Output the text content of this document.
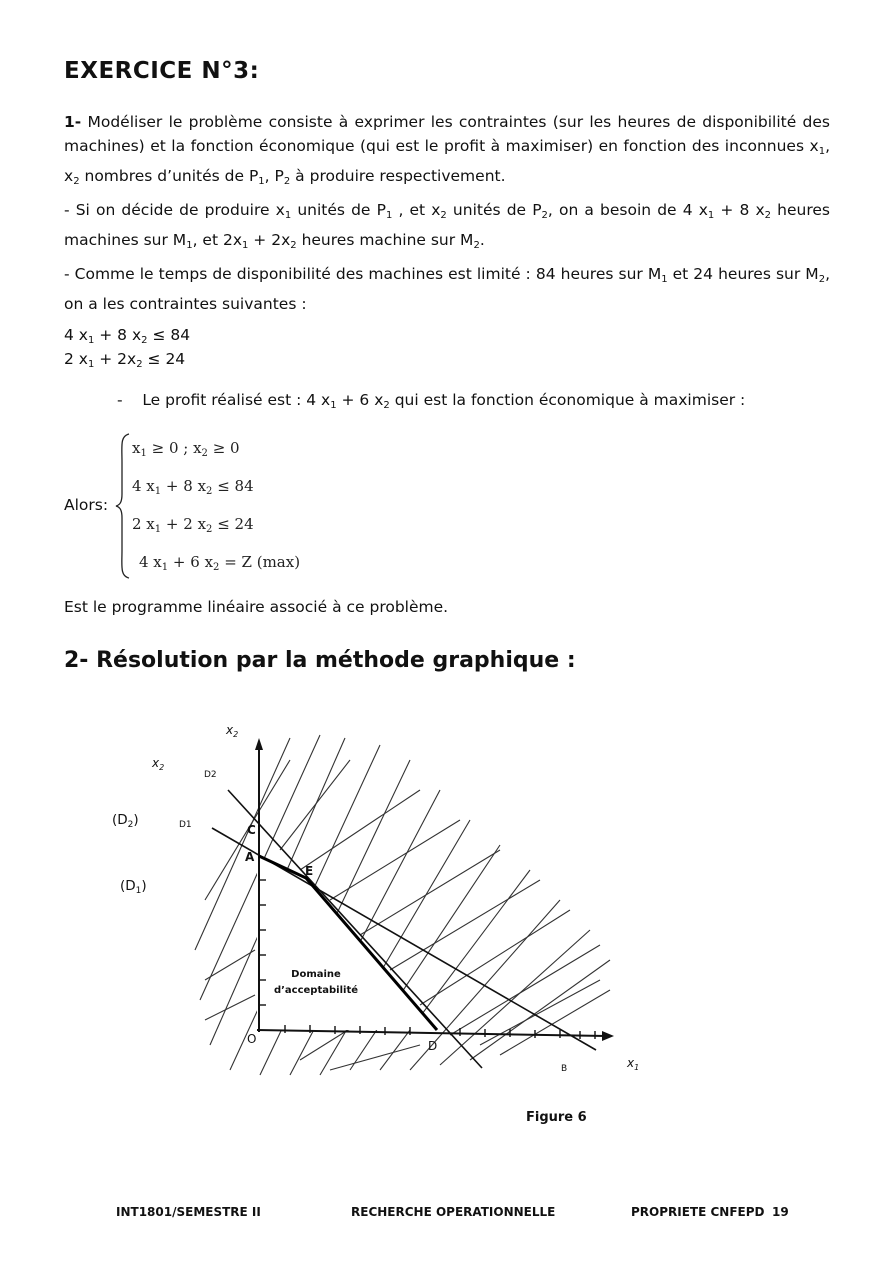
EXERCICE N°3:

1- Modéliser le problème consiste à exprimer les contraintes (sur les heures de disponibilité des machines) et la fonction économique (qui est le profit à maximiser) en fonction des inconnues $x_1$, $x_2$ nombres d’unités de $P_1$, $P_2$ à produire respectivement.

- Si on décide de produire $x_1$ unités de $P_1$ , et $x_2$ unités de $P_2$, on a besoin de 4 $x_1 + 8$ $x_2$ heures machines sur $M_1$, et $2x_1 + 2x_2$ heures machine sur $M_2$.

- Comme le temps de disponibilité des machines est limité : 84 heures sur $M_1$ et 24 heures sur $M_2$, on a les contraintes suivantes :

4 $x_1 + 8$ $x_2 \le 84$
2 $x_1 + 2x_2 \le 24$
- Le profit réalisé est : 4 $x_1 + 6$ $x_2$ qui est la fonction économique à maximiser :
Alors:
$x_1 \ge 0$ ; $x_2 \ge 0$
4 $x_1 + 8$ $x_2 \le 84$
2 $x_1 + 2$ $x_2 \le 24$
4 $x_1 + 6$ $x_2 = Z$ (max)
Est le programme linéaire associé à ce problème.
2- Résolution par la méthode graphique :
$x_2$
$x_2$
$x_1$
D2
D1
$(D_2)$
$(D_1)$
C
A
E
O	D
B
Domaine
d’acceptabilité
Figure 6
INT1801/SEMESTRE II	RECHERCHE OPERATIONNELLE	PROPRIETE CNFEPD 19
